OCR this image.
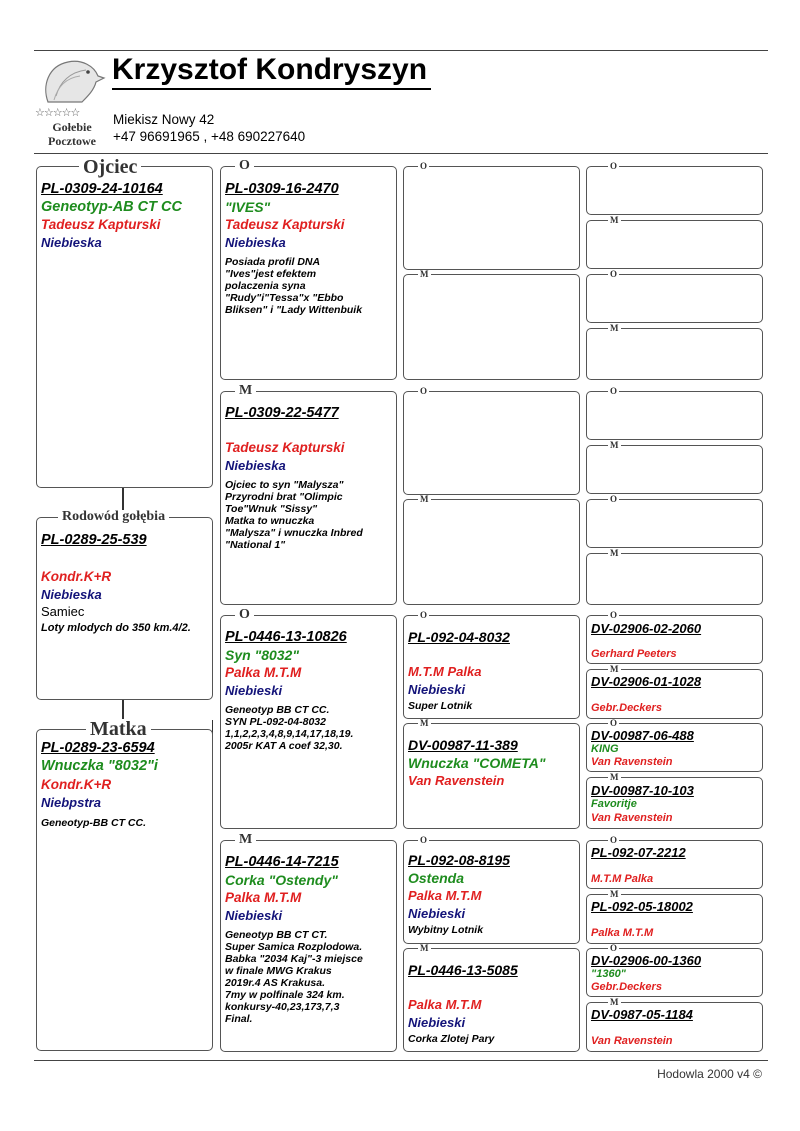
☆☆☆☆☆
Gołebie
Pocztowe
Krzysztof Kondryszyn
Miekisz Nowy 42
+47 96691965 , +48 690227640
PL-0309-24-10164
Geneotyp-AB CT CC
Tadeusz Kapturski
Niebieska
Ojciec
PL-0289-25-539
Kondr.K+R
Niebieska
Samiec
Loty mlodych do 350 km.4/2.
Rodowód gołębia
PL-0289-23-6594
Wnuczka "8032"i
Kondr.K+R
Niebpstra
Geneotyp-BB CT CC.
Matka
PL-0309-16-2470
"IVES"
Tadeusz Kapturski
Niebieska
Posiada profil DNA
"Ives"jest efektem
polaczenia syna
"Rudy"i"Tessa"x "Ebbo
Bliksen" i "Lady Wittenbuik
O
PL-0309-22-5477
Tadeusz Kapturski
Niebieska
Ojciec to syn "Malysza"
Przyrodni brat "Olimpic
Toe"Wnuk "Sissy"
Matka to wnuczka
"Malysza" i wnuczka Inbred
"National 1"
M
PL-0446-13-10826
Syn "8032"
Palka M.T.M
Niebieski
Geneotyp BB CT CC.
SYN PL-092-04-8032
1,1,2,2,3,4,8,9,14,17,18,19.
2005r KAT A coef 32,30.
O
PL-0446-14-7215
Corka "Ostendy"
Palka M.T.M
Niebieski
Geneotyp BB CT CT.
Super Samica Rozplodowa.
Babka "2034 Kaj"-3 miejsce
w finale MWG Krakus
2019r.4 AS Krakusa.
7my w polfinale 324 km.
konkursy-40,23,173,7,3
Final.
M
O
M
O
M
PL-092-04-8032
M.T.M Palka
Niebieski
Super Lotnik
O
DV-00987-11-389
Wnuczka "COMETA"
Van Ravenstein
M
PL-092-08-8195
Ostenda
Palka M.T.M
Niebieski
Wybitny Lotnik
O
PL-0446-13-5085
Palka M.T.M
Niebieski
Corka Zlotej Pary
M
O
M
O
M
O
M
O
M
DV-02906-02-2060
Gerhard Peeters
O
DV-02906-01-1028
Gebr.Deckers
M
DV-00987-06-488
KING
Van Ravenstein
O
DV-00987-10-103
Favoritje
Van Ravenstein
M
PL-092-07-2212
M.T.M Palka
O
PL-092-05-18002
Palka M.T.M
M
DV-02906-00-1360
"1360"
Gebr.Deckers
O
DV-0987-05-1184
Van Ravenstein
M
Hodowla 2000 v4 ©
